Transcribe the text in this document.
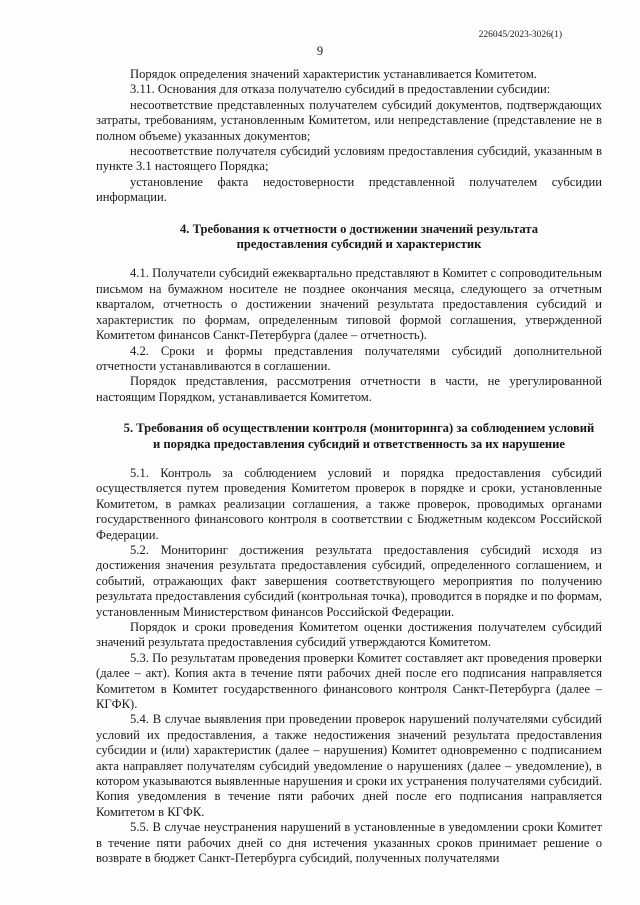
226045/2023-3026(1)
9

Порядок определения значений характеристик устанавливается Комитетом.

3.11. Основания для отказа получателю субсидий в предоставлении субсидии:

несоответствие представленных получателем субсидий документов, подтверждающих затраты, требованиям, установленным Комитетом, или непредставление (представление не в полном объеме) указанных документов;

несоответствие получателя субсидий условиям предоставления субсидий, указанным в пункте 3.1 настоящего Порядка;

установление факта недостоверности представленной получателем субсидии информации.

4. Требования к отчетности о достижении значений результата
предоставления субсидий и характеристик

4.1. Получатели субсидий ежеквартально представляют в Комитет с сопроводительным письмом на бумажном носителе не позднее окончания месяца, следующего за отчетным кварталом, отчетность о достижении значений результата предоставления субсидий и характеристик по формам, определенным типовой формой соглашения, утвержденной Комитетом финансов Санкт-Петербурга (далее – отчетность).

4.2. Сроки и формы представления получателями субсидий дополнительной отчетности устанавливаются в соглашении.

Порядок представления, рассмотрения отчетности в части, не урегулированной настоящим Порядком, устанавливается Комитетом.

5. Требования об осуществлении контроля (мониторинга) за соблюдением условий
и порядка предоставления субсидий и ответственность за их нарушение

5.1. Контроль за соблюдением условий и порядка предоставления субсидий осуществляется путем проведения Комитетом проверок в порядке и сроки, установленные Комитетом, в рамках реализации соглашения, а также проверок, проводимых органами государственного финансового контроля в соответствии с Бюджетным кодексом Российской Федерации.

5.2. Мониторинг достижения результата предоставления субсидий исходя из достижения значения результата предоставления субсидий, определенного соглашением, и событий, отражающих факт завершения соответствующего мероприятия по получению результата предоставления субсидий (контрольная точка), проводится в порядке и по формам, установленным Министерством финансов Российской Федерации.

Порядок и сроки проведения Комитетом оценки достижения получателем субсидий значений результата предоставления субсидий утверждаются Комитетом.

5.3. По результатам проведения проверки Комитет составляет акт проведения проверки (далее – акт). Копия акта в течение пяти рабочих дней после его подписания направляется Комитетом в Комитет государственного финансового контроля Санкт-Петербурга (далее – КГФК).

5.4. В случае выявления при проведении проверок нарушений получателями субсидий условий их предоставления, а также недостижения значений результата предоставления субсидии и (или) характеристик (далее – нарушения) Комитет одновременно с подписанием акта направляет получателям субсидий уведомление о нарушениях (далее – уведомление), в котором указываются выявленные нарушения и сроки их устранения получателями субсидий. Копия уведомления в течение пяти рабочих дней после его подписания направляется Комитетом в КГФК.

5.5. В случае неустранения нарушений в установленные в уведомлении сроки Комитет в течение пяти рабочих дней со дня истечения указанных сроков принимает решение о возврате в бюджет Санкт-Петербурга субсидий, полученных получателями
